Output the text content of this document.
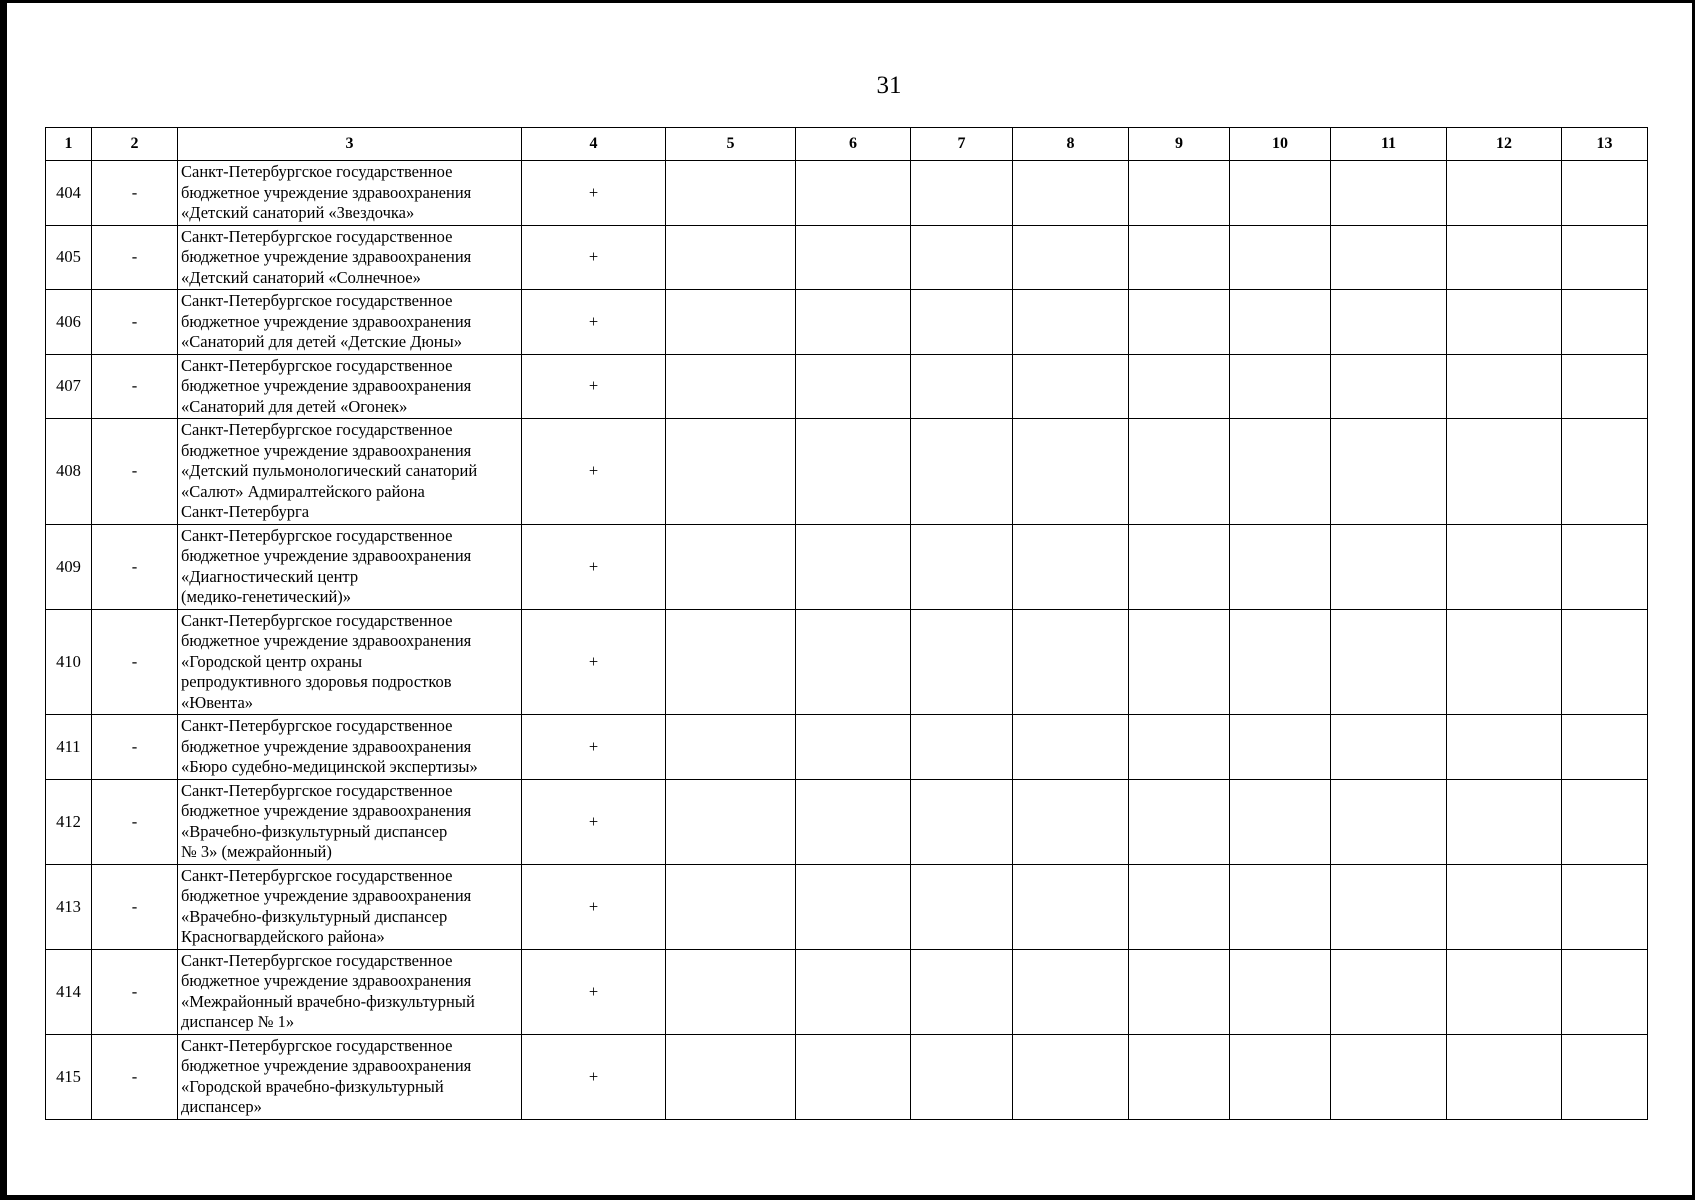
31
1	2	3	4	5	6	7	8	9	10	11	12	13
404	-	Санкт-Петербургское государственное
бюджетное учреждение здравоохранения
«Детский санаторий «Звездочка»	+									
405	-	Санкт-Петербургское государственное
бюджетное учреждение здравоохранения
«Детский санаторий «Солнечное»	+									
406	-	Санкт-Петербургское государственное
бюджетное учреждение здравоохранения
«Санаторий для детей «Детские Дюны»	+									
407	-	Санкт-Петербургское государственное
бюджетное учреждение здравоохранения
«Санаторий для детей «Огонек»	+									
408	-	Санкт-Петербургское государственное
бюджетное учреждение здравоохранения
«Детский пульмонологический санаторий
«Салют» Адмиралтейского района
Санкт-Петербурга	+									
409	-	Санкт-Петербургское государственное
бюджетное учреждение здравоохранения
«Диагностический центр
(медико-генетический)»	+									
410	-	Санкт-Петербургское государственное
бюджетное учреждение здравоохранения
«Городской центр охраны
репродуктивного здоровья подростков
«Ювента»	+									
411	-	Санкт-Петербургское государственное
бюджетное учреждение здравоохранения
«Бюро судебно-медицинской экспертизы»	+									
412	-	Санкт-Петербургское государственное
бюджетное учреждение здравоохранения
«Врачебно-физкультурный диспансер
№ 3» (межрайонный)	+									
413	-	Санкт-Петербургское государственное
бюджетное учреждение здравоохранения
«Врачебно-физкультурный диспансер
Красногвардейского района»	+									
414	-	Санкт-Петербургское государственное
бюджетное учреждение здравоохранения
«Межрайонный врачебно-физкультурный
диспансер № 1»	+									
415	-	Санкт-Петербургское государственное
бюджетное учреждение здравоохранения
«Городской врачебно-физкультурный
диспансер»	+									
